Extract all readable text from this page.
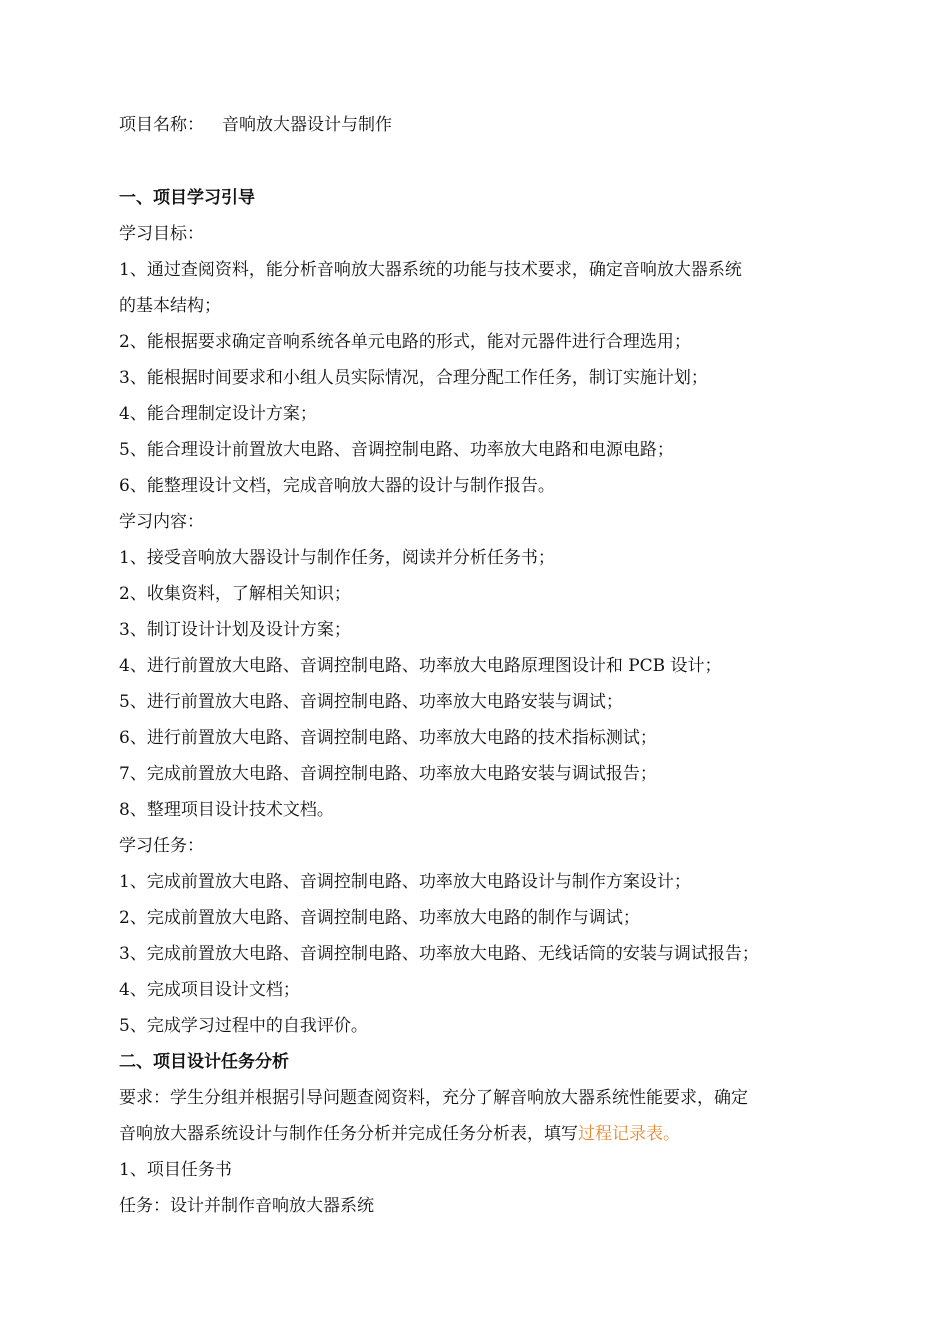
项目名称： 音响放大器设计与制作
一、项目学习引导
学习目标：
1、通过查阅资料，能分析音响放大器系统的功能与技术要求，确定音响放大器系统
的基本结构；
2、能根据要求确定音响系统各单元电路的形式，能对元器件进行合理选用；
3、能根据时间要求和小组人员实际情况，合理分配工作任务，制订实施计划；
4、能合理制定设计方案；
5、能合理设计前置放大电路、音调控制电路、功率放大电路和电源电路；
6、能整理设计文档，完成音响放大器的设计与制作报告。
学习内容：
1、接受音响放大器设计与制作任务，阅读并分析任务书；
2、收集资料，了解相关知识；
3、制订设计计划及设计方案；
4、进行前置放大电路、音调控制电路、功率放大电路原理图设计和 PCB 设计；
5、进行前置放大电路、音调控制电路、功率放大电路安装与调试；
6、进行前置放大电路、音调控制电路、功率放大电路的技术指标测试；
7、完成前置放大电路、音调控制电路、功率放大电路安装与调试报告；
8、整理项目设计技术文档。
学习任务：
1、完成前置放大电路、音调控制电路、功率放大电路设计与制作方案设计；
2、完成前置放大电路、音调控制电路、功率放大电路的制作与调试；
3、完成前置放大电路、音调控制电路、功率放大电路、无线话筒的安装与调试报告；
4、完成项目设计文档；
5、完成学习过程中的自我评价。
二、项目设计任务分析
要求：学生分组并根据引导问题查阅资料，充分了解音响放大器系统性能要求，确定
音响放大器系统设计与制作任务分析并完成任务分析表，填写过程记录表。
1、项目任务书
任务：设计并制作音响放大器系统
